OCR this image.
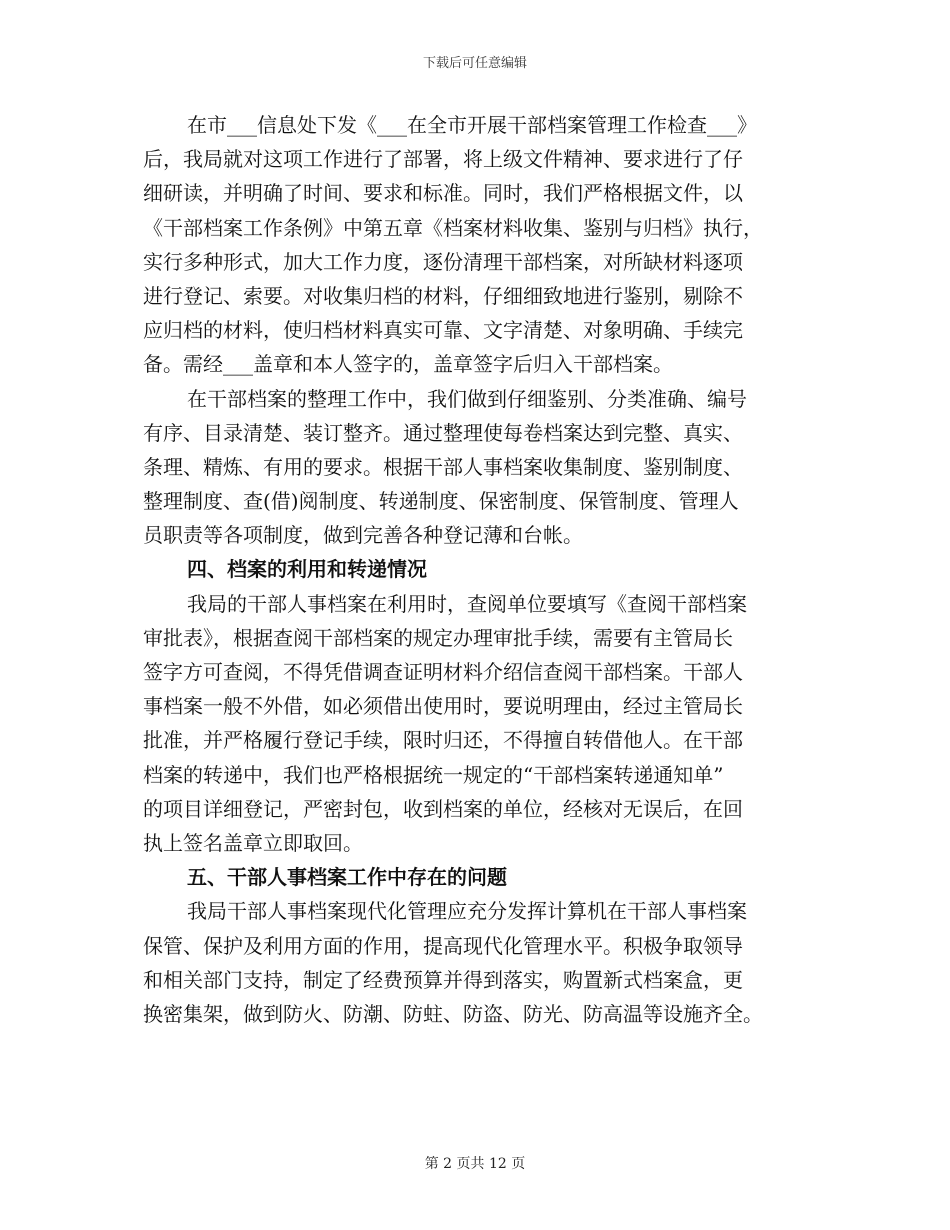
下载后可任意编辑
在市___信息处下发《___在全市开展干部档案管理工作检查___》
后，我局就对这项工作进行了部署，将上级文件精神、要求进行了仔
细研读，并明确了时间、要求和标准。同时，我们严格根据文件，以
《干部档案工作条例》中第五章《档案材料收集、鉴别与归档》执行，
实行多种形式，加大工作力度，逐份清理干部档案，对所缺材料逐项
进行登记、索要。对收集归档的材料，仔细细致地进行鉴别，剔除不
应归档的材料，使归档材料真实可靠、文字清楚、对象明确、手续完
备。需经___盖章和本人签字的，盖章签字后归入干部档案。
在干部档案的整理工作中，我们做到仔细鉴别、分类准确、编号
有序、目录清楚、装订整齐。通过整理使每卷档案达到完整、真实、
条理、精炼、有用的要求。根据干部人事档案收集制度、鉴别制度、
整理制度、查(借)阅制度、转递制度、保密制度、保管制度、管理人
员职责等各项制度，做到完善各种登记薄和台帐。
四、档案的利用和转递情况
我局的干部人事档案在利用时，查阅单位要填写《查阅干部档案
审批表》，根据查阅干部档案的规定办理审批手续，需要有主管局长
签字方可查阅，不得凭借调查证明材料介绍信查阅干部档案。干部人
事档案一般不外借，如必须借出使用时，要说明理由，经过主管局长
批准，并严格履行登记手续，限时归还，不得擅自转借他人。在干部
档案的转递中，我们也严格根据统一规定的“干部档案转递通知单”
的项目详细登记，严密封包，收到档案的单位，经核对无误后，在回
执上签名盖章立即取回。
五、干部人事档案工作中存在的问题
我局干部人事档案现代化管理应充分发挥计算机在干部人事档案
保管、保护及利用方面的作用，提高现代化管理水平。积极争取领导
和相关部门支持，制定了经费预算并得到落实，购置新式档案盒，更
换密集架，做到防火、防潮、防蛀、防盗、防光、防高温等设施齐全。
第 2 页共 12 页
